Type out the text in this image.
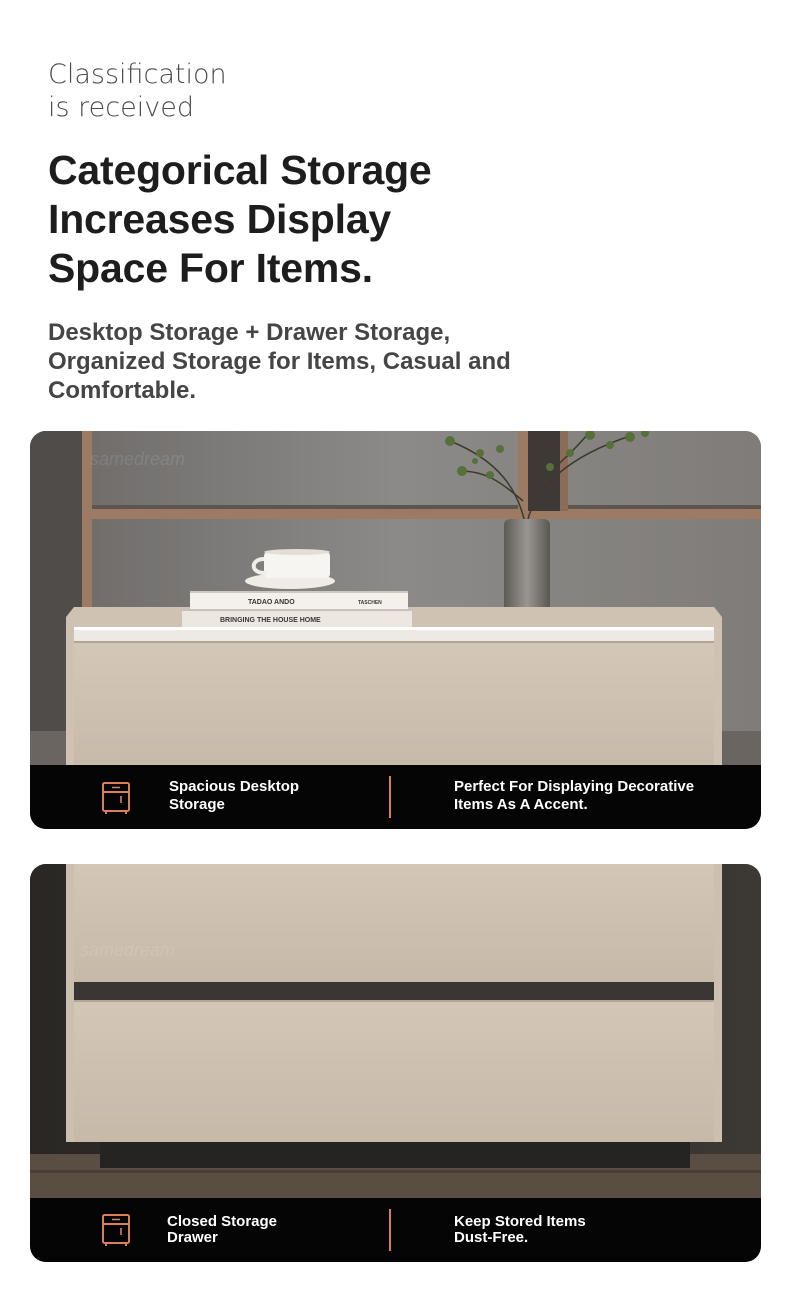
Classification
is received
Categorical Storage
Increases Display
Space For Items.
Desktop Storage + Drawer Storage,
Organized Storage for Items, Casual and
Comfortable.
BRINGING THE HOUSE HOME
TADAO ANDO	TASCHEN
samedream
Spacious Desktop
Storage
Perfect For Displaying Decorative
Items As A Accent.
samedream
Closed Storage
Drawer
Keep Stored Items
Dust-Free.
